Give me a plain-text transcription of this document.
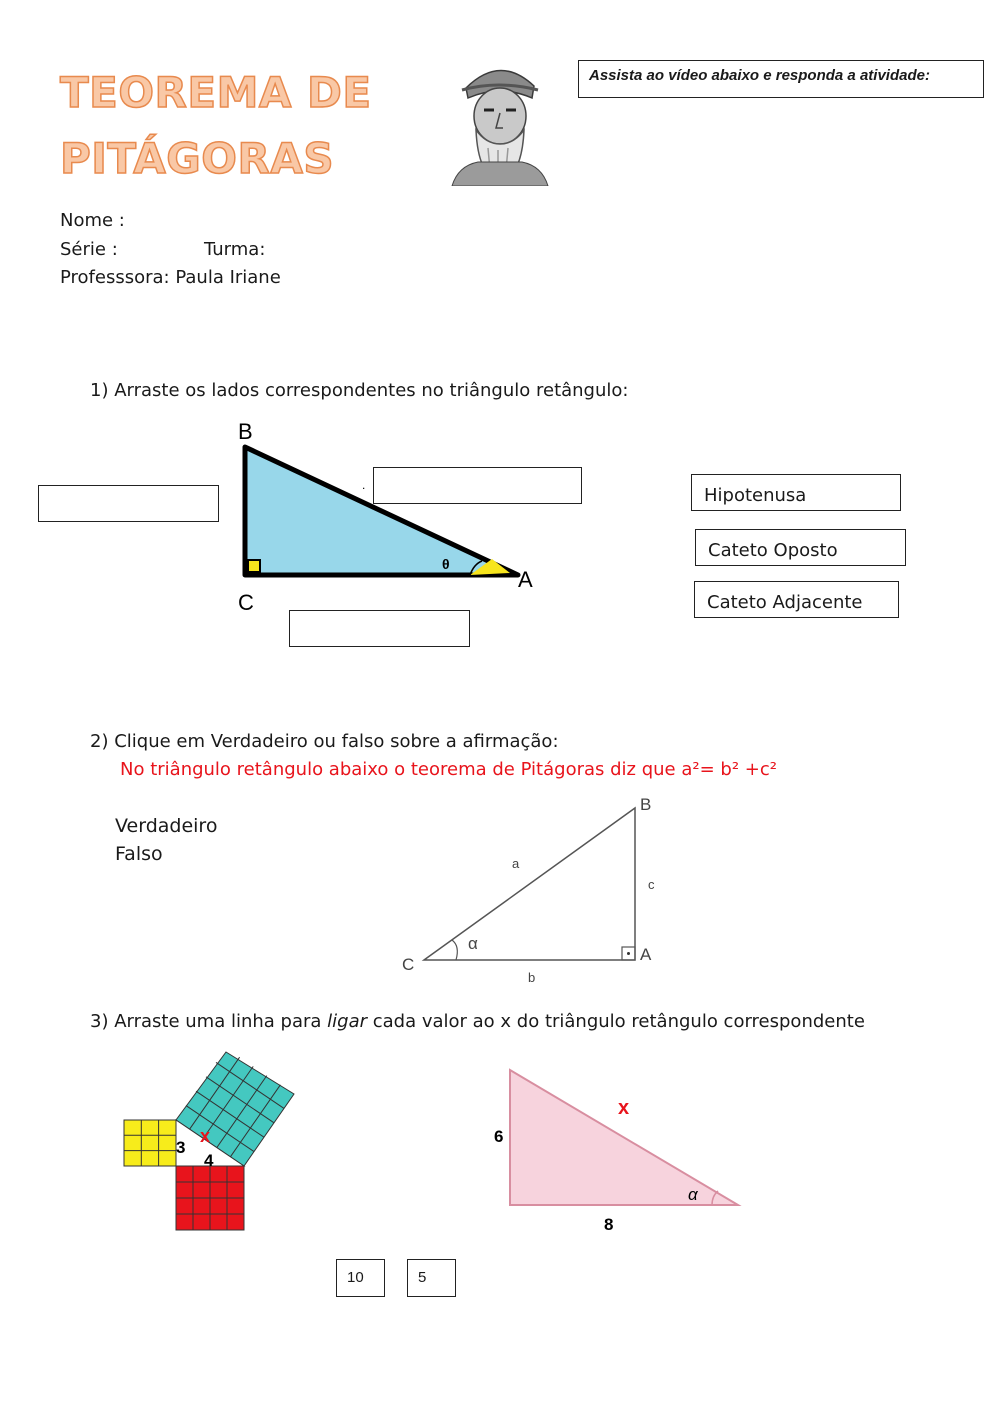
TEOREMA DE
PITÁGORAS
Assista ao vídeo abaixo e responda a atividade:
Nome :
Série :	Turma:
Professsora: Paula Iriane
1) Arraste os lados correspondentes no triângulo retângulo:
θ
B
C
A
.	Hipotenusa
Cateto Oposto
Cateto Adjacente
2) Clique em Verdadeiro ou falso sobre a afirmação:
No triângulo retângulo abaixo o teorema de Pitágoras diz que a²= b² +c²
Verdadeiro
Falso
B
C
A
a
b
c
α
3) Arraste uma linha para ligar cada valor ao x do triângulo retângulo correspondente
3
4
x	6
8
x
α
10	5
